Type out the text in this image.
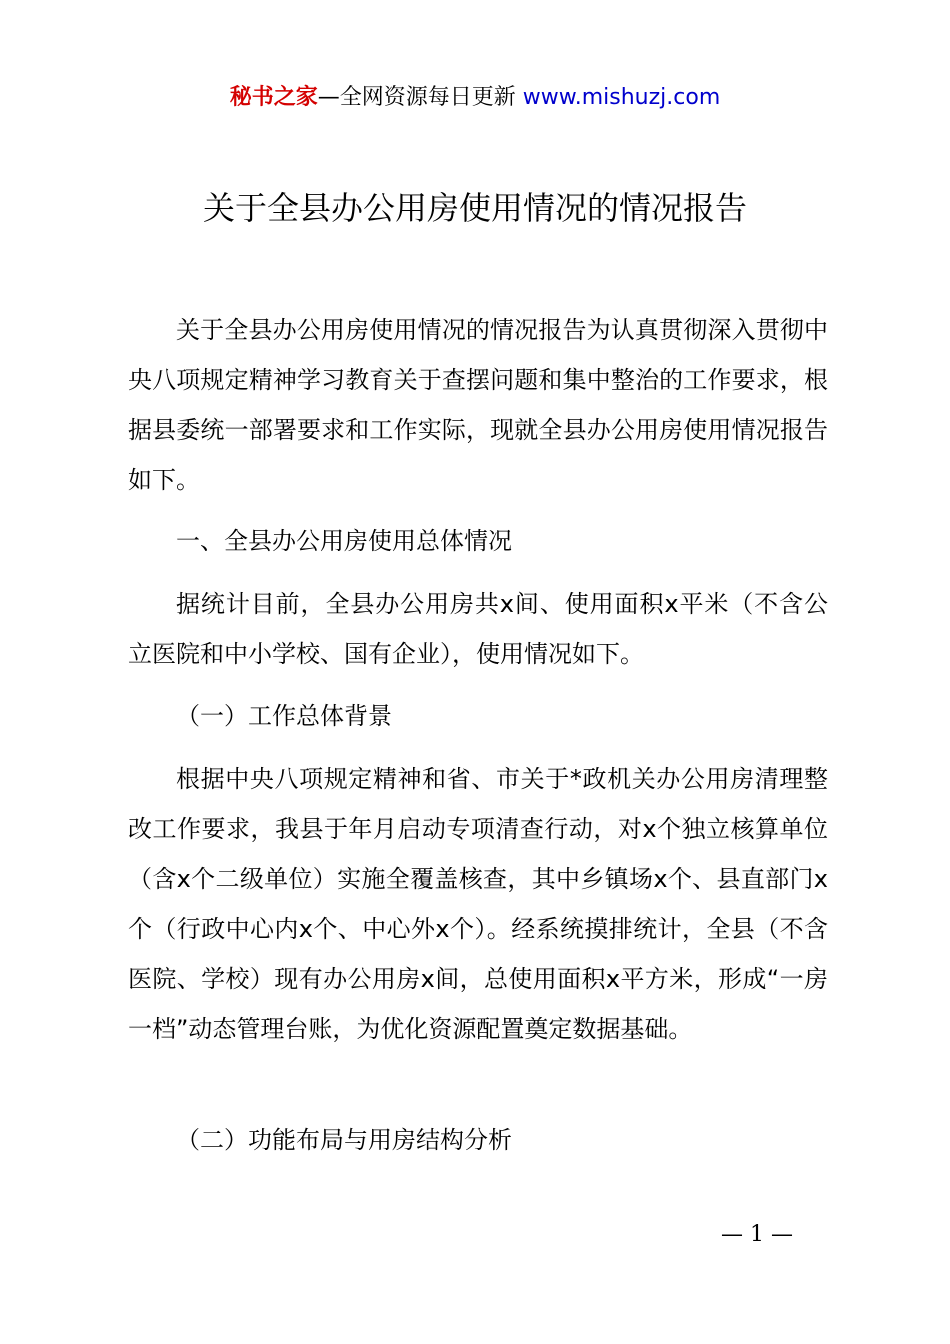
秘书之家—全网资源每日更新 www.mishuzj.com
关于全县办公用房使用情况的情况报告

关于全县办公用房使用情况的情况报告为认真贯彻深入贯彻中央八项规定精神学习教育关于查摆问题和集中整治的工作要求，根据县委统一部署要求和工作实际，现就全县办公用房使用情况报告如下。

一、全县办公用房使用总体情况

据统计目前，全县办公用房共x间、使用面积x平米（不含公立医院和中小学校、国有企业），使用情况如下。

（一）工作总体背景

根据中央八项规定精神和省、市关于*政机关办公用房清理整改工作要求，我县于年月启动专项清查行动，对x个独立核算单位（含x个二级单位）实施全覆盖核查，其中乡镇场x个、县直部门x个（行政中心内x个、中心外x个）。经系统摸排统计，全县（不含医院、学校）现有办公用房x间，总使用面积x平方米，形成“一房一档”动态管理台账，为优化资源配置奠定数据基础。

（二）功能布局与用房结构分析

— 1 —
